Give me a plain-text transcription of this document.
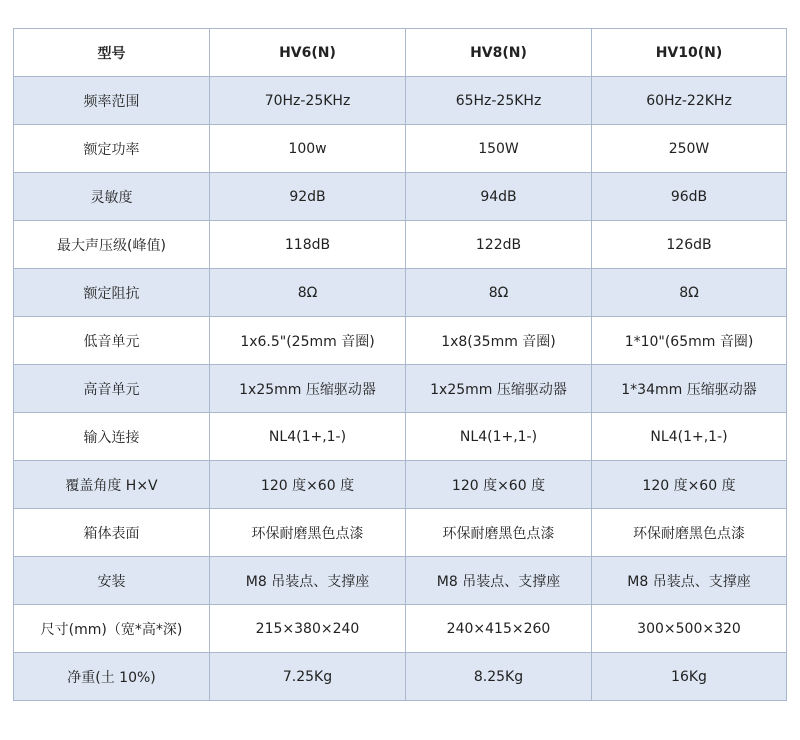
型号	HV6(N)	HV8(N)	HV10(N)
频率范围	70Hz-25KHz	65Hz-25KHz	60Hz-22KHz
额定功率	100w	150W	250W
灵敏度	92dB	94dB	96dB
最大声压级(峰值)	118dB	122dB	126dB
额定阻抗	8Ω	8Ω	8Ω
低音单元	1x6.5"(25mm 音圈)	1x8(35mm 音圈)	1*10"(65mm 音圈)
高音单元	1x25mm 压缩驱动器	1x25mm 压缩驱动器	1*34mm 压缩驱动器
输入连接	NL4(1+,1-)	NL4(1+,1-)	NL4(1+,1-)
覆盖角度 H×V	120 度×60 度	120 度×60 度	120 度×60 度
箱体表面	环保耐磨黑色点漆	环保耐磨黑色点漆	环保耐磨黑色点漆
安装	M8 吊装点、支撑座	M8 吊装点、支撑座	M8 吊装点、支撑座
尺寸(mm)（宽*高*深)	215×380×240	240×415×260	300×500×320
净重(土 10%)	7.25Kg	8.25Kg	16Kg
